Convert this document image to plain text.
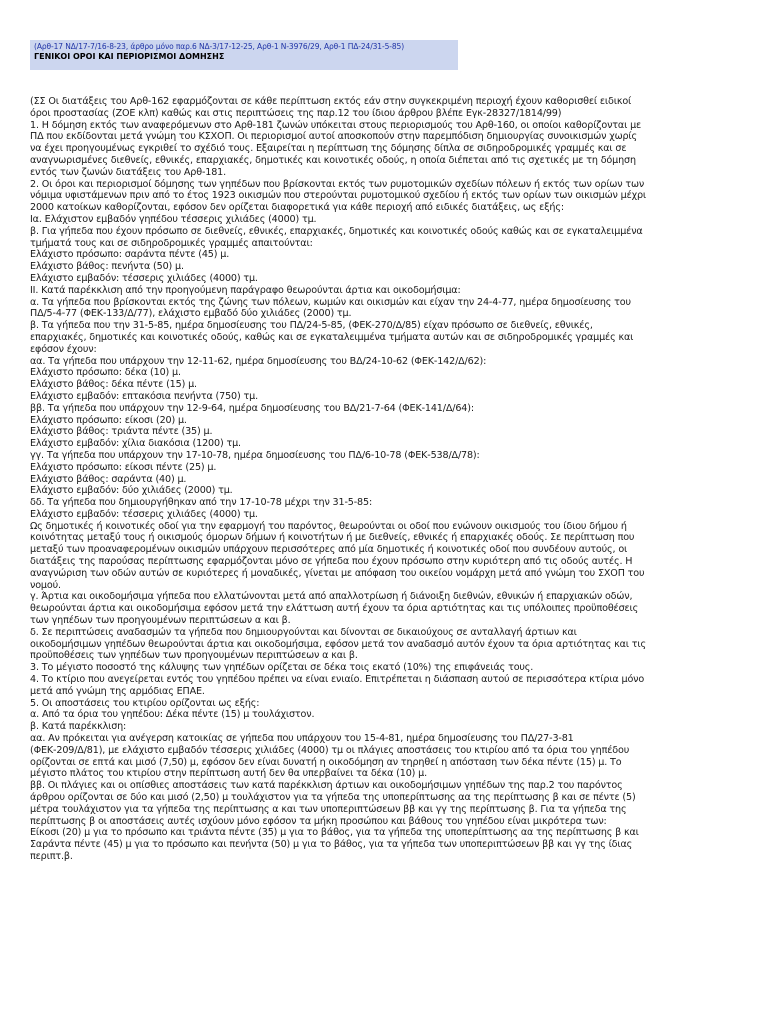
(Αρθ-17 ΝΔ/17-7/16-8-23, άρθρο μόνο παρ.6 ΝΔ-3/17-12-25, Αρθ-1 Ν-3976/29, Αρθ-1 ΠΔ-24/31-5-85)
ΓΕΝΙΚΟΙ ΟΡΟΙ ΚΑΙ ΠΕΡΙΟΡΙΣΜΟΙ ΔΟΜΗΣΗΣ
(ΣΣ Οι διατάξεις του Αρθ-162 εφαρμόζονται σε κάθε περίπτωση εκτός εάν στην συγκεκριμένη περιοχή έχουν καθορισθεί ειδικοί
όροι προστασίας (ΖΟΕ κλπ) καθώς και στις περιπτώσεις της παρ.12 του ίδιου άρθρου βλέπε Εγκ-28327/1814/99)
1. Η δόμηση εκτός των αναφερόμενων στο Αρθ-181 ζωνών υπόκειται στους περιορισμούς του Αρθ-160, οι οποίοι καθορίζονται με
ΠΔ που εκδίδονται μετά γνώμη του ΚΣΧΟΠ. Οι περιορισμοί αυτοί αποσκοπούν στην παρεμπόδιση δημιουργίας συνοικισμών χωρίς
να έχει προηγουμένως εγκριθεί το σχέδιό τους. Εξαιρείται η περίπτωση της δόμησης δίπλα σε σιδηροδρομικές γραμμές και σε
αναγνωρισμένες διεθνείς, εθνικές, επαρχιακές, δημοτικές και κοινοτικές οδούς, η οποία διέπεται από τις σχετικές με τη δόμηση
εντός των ζωνών διατάξεις του Αρθ-181.
2. Οι όροι και περιορισμοί δόμησης των γηπέδων που βρίσκονται εκτός των ρυμοτομικών σχεδίων πόλεων ή εκτός των ορίων των
νόμιμα υφιστάμενων πριν από το έτος 1923 οικισμών που στερούνται ρυμοτομικού σχεδίου ή εκτός των ορίων των οικισμών μέχρι
2000 κατοίκων καθορίζονται, εφόσον δεν ορίζεται διαφορετικά για κάθε περιοχή από ειδικές διατάξεις, ως εξής:
Ια. Ελάχιστον εμβαδόν γηπέδου τέσσερις χιλιάδες (4000) τμ.
β. Για γήπεδα που έχουν πρόσωπο σε διεθνείς, εθνικές, επαρχιακές, δημοτικές και κοινοτικές οδούς καθώς και σε εγκαταλειμμένα
τμήματά τους και σε σιδηροδρομικές γραμμές απαιτούνται:
Ελάχιστο πρόσωπο: σαράντα πέντε (45) μ.
Ελάχιστο βάθος: πενήντα (50) μ.
Ελάχιστο εμβαδόν: τέσσερις χιλιάδες (4000) τμ.
ΙΙ. Κατά παρέκκλιση από την προηγούμενη παράγραφο θεωρούνται άρτια και οικοδομήσιμα:
α. Τα γήπεδα που βρίσκονται εκτός της ζώνης των πόλεων, κωμών και οικισμών και είχαν την 24-4-77, ημέρα δημοσίευσης του
ΠΔ/5-4-77 (ΦΕΚ-133/Δ/77), ελάχιστο εμβαδό δύο χιλιάδες (2000) τμ.
β. Τα γήπεδα που την 31-5-85, ημέρα δημοσίευσης του ΠΔ/24-5-85, (ΦΕΚ-270/Δ/85) είχαν πρόσωπο σε διεθνείς, εθνικές,
επαρχιακές, δημοτικές και κοινοτικές οδούς, καθώς και σε εγκαταλειμμένα τμήματα αυτών και σε σιδηροδρομικές γραμμές και
εφόσον έχουν:
αα. Τα γήπεδα που υπάρχουν την 12-11-62, ημέρα δημοσίευσης του ΒΔ/24-10-62 (ΦΕΚ-142/Δ/62):
Ελάχιστο πρόσωπο: δέκα (10) μ.
Ελάχιστο βάθος: δέκα πέντε (15) μ.
Ελάχιστο εμβαδόν: επτακόσια πενήντα (750) τμ.
ββ. Τα γήπεδα που υπάρχουν την 12-9-64, ημέρα δημοσίευσης του ΒΔ/21-7-64 (ΦΕΚ-141/Δ/64):
Ελάχιστο πρόσωπο: είκοσι (20) μ.
Ελάχιστο βάθος: τριάντα πέντε (35) μ.
Ελάχιστο εμβαδόν: χίλια διακόσια (1200) τμ.
γγ. Τα γήπεδα που υπάρχουν την 17-10-78, ημέρα δημοσίευσης του ΠΔ/6-10-78 (ΦΕΚ-538/Δ/78):
Ελάχιστο πρόσωπο: είκοσι πέντε (25) μ.
Ελάχιστο βάθος: σαράντα (40) μ.
Ελάχιστο εμβαδόν: δύο χιλιάδες (2000) τμ.
δδ. Τα γήπεδα που δημιουργήθηκαν από την 17-10-78 μέχρι την 31-5-85:
Ελάχιστο εμβαδόν: τέσσερις χιλιάδες (4000) τμ.
Ως δημοτικές ή κοινοτικές οδοί για την εφαρμογή του παρόντος, θεωρούνται οι οδοί που ενώνουν οικισμούς του ίδιου δήμου ή
κοινότητας μεταξύ τους ή οικισμούς όμορων δήμων ή κοινοτήτων ή με διεθνείς, εθνικές ή επαρχιακές οδούς. Σε περίπτωση που
μεταξύ των προαναφερομένων οικισμών υπάρχουν περισσότερες από μία δημοτικές ή κοινοτικές οδοί που συνδέουν αυτούς, οι
διατάξεις της παρούσας περίπτωσης εφαρμόζονται μόνο σε γήπεδα που έχουν πρόσωπο στην κυριότερη από τις οδούς αυτές. Η
αναγνώριση των οδών αυτών σε κυριότερες ή μοναδικές, γίνεται με απόφαση του οικείου νομάρχη μετά από γνώμη του ΣΧΟΠ του
νομού.
γ. Άρτια και οικοδομήσιμα γήπεδα που ελλατώνονται μετά από απαλλοτρίωση ή διάνοιξη διεθνών, εθνικών ή επαρχιακών οδών,
θεωρούνται άρτια και οικοδομήσιμα εφόσον μετά την ελάττωση αυτή έχουν τα όρια αρτιότητας και τις υπόλοιπες προϋποθέσεις
των γηπέδων των προηγουμένων περιπτώσεων α και β.
δ. Σε περιπτώσεις αναδασμών τα γήπεδα που δημιουργούνται και δίνονται σε δικαιούχους σε ανταλλαγή άρτιων και
οικοδομήσιμων γηπέδων θεωρούνται άρτια και οικοδομήσιμα, εφόσον μετά τον αναδασμό αυτόν έχουν τα όρια αρτιότητας και τις
προϋποθέσεις των γηπέδων των προηγουμένων περιπτώσεων α και β.
3. Το μέγιστο ποσοστό της κάλυψης των γηπέδων ορίζεται σε δέκα τοις εκατό (10%) της επιφάνειάς τους.
4. Το κτίριο που ανεγείρεται εντός του γηπέδου πρέπει να είναι ενιαίο. Επιτρέπεται η διάσπαση αυτού σε περισσότερα κτίρια μόνο
μετά από γνώμη της αρμόδιας ΕΠΑΕ.
5. Οι αποστάσεις του κτιρίου ορίζονται ως εξής:
α. Από τα όρια του γηπέδου: Δέκα πέντε (15) μ τουλάχιστον.
β. Κατά παρέκκλιση:
αα. Αν πρόκειται για ανέγερση κατοικίας σε γήπεδα που υπάρχουν του 15-4-81, ημέρα δημοσίευσης του ΠΔ/27-3-81
(ΦΕΚ-209/Δ/81), με ελάχιστο εμβαδόν τέσσερις χιλιάδες (4000) τμ οι πλάγιες αποστάσεις του κτιρίου από τα όρια του γηπέδου
ορίζονται σε επτά και μισό (7,50) μ, εφόσον δεν είναι δυνατή η οικοδόμηση αν τηρηθεί η απόσταση των δέκα πέντε (15) μ. Το
μέγιστο πλάτος του κτιρίου στην περίπτωση αυτή δεν θα υπερβαίνει τα δέκα (10) μ.
ββ. Οι πλάγιες και οι οπίσθιες αποστάσεις των κατά παρέκκλιση άρτιων και οικοδομήσιμων γηπέδων της παρ.2 του παρόντος
άρθρου ορίζονται σε δύο και μισό (2,50) μ τουλάχιστον για τα γήπεδα της υποπερίπτωσης αα της περίπτωσης β και σε πέντε (5)
μέτρα τουλάχιστον για τα γήπεδα της περίπτωσης α και των υποπεριπτώσεων ββ και γγ της περίπτωσης β. Για τα γήπεδα της
περίπτωσης β οι αποστάσεις αυτές ισχύουν μόνο εφόσον τα μήκη προσώπου και βάθους του γηπέδου είναι μικρότερα των:
Είκοσι (20) μ για το πρόσωπο και τριάντα πέντε (35) μ για το βάθος, για τα γήπεδα της υποπερίπτωσης αα της περίπτωσης β και
Σαράντα πέντε (45) μ για το πρόσωπο και πενήντα (50) μ για το βάθος, για τα γήπεδα των υποπεριπτώσεων ββ και γγ της ίδιας
περιπτ.β.
